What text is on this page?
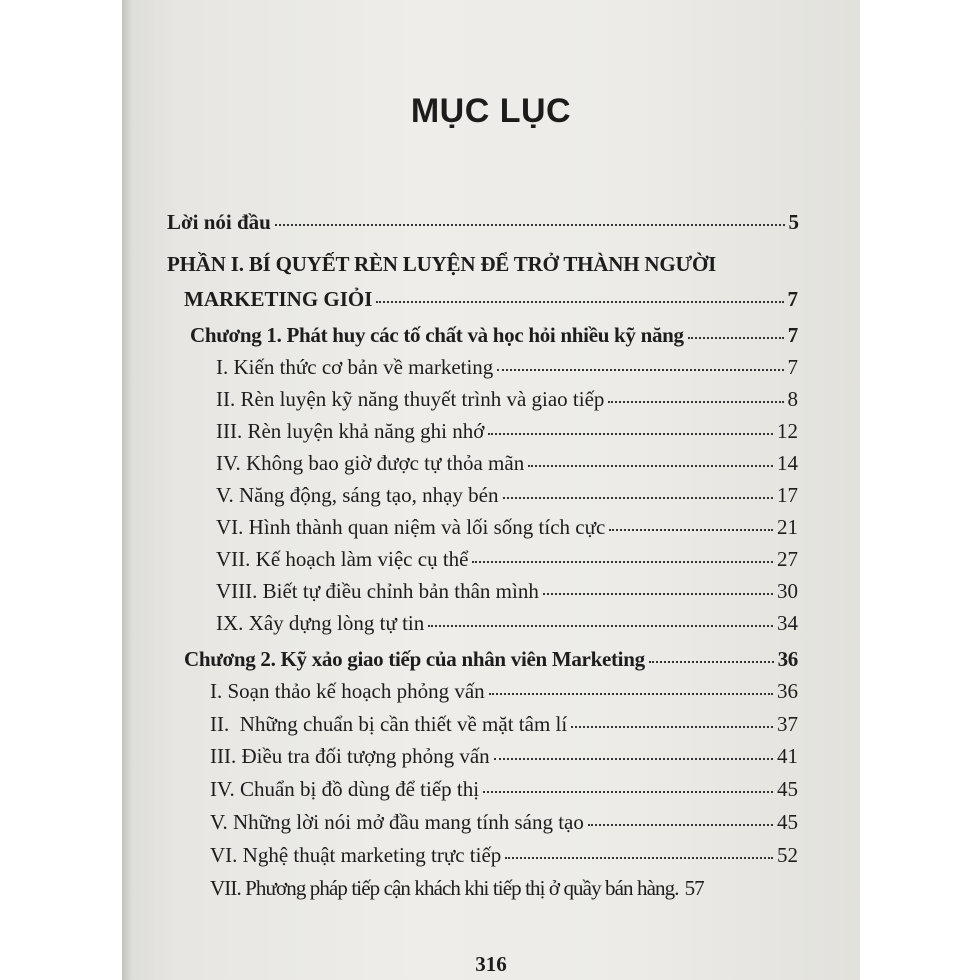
MỤC LỤC
Lời nói đầu	5
PHẦN I. BÍ QUYẾT RÈN LUYỆN ĐỂ TRỞ THÀNH NGƯỜI
MARKETING GIỎI	7
Chương 1. Phát huy các tố chất và học hỏi nhiều kỹ năng	7
I. Kiến thức cơ bản về marketing	7
II. Rèn luyện kỹ năng thuyết trình và giao tiếp	8
III. Rèn luyện khả năng ghi nhớ	12
IV. Không bao giờ được tự thỏa mãn	14
V. Năng động, sáng tạo, nhạy bén	17
VI. Hình thành quan niệm và lối sống tích cực	21
VII. Kế hoạch làm việc cụ thể	27
VIII. Biết tự điều chỉnh bản thân mình	30
IX. Xây dựng lòng tự tin	34
Chương 2. Kỹ xảo giao tiếp của nhân viên Marketing	36
I. Soạn thảo kế hoạch phỏng vấn	36
II.  Những chuẩn bị cần thiết về mặt tâm lí	37
III. Điều tra đối tượng phỏng vấn	41
IV. Chuẩn bị đồ dùng để tiếp thị	45
V. Những lời nói mở đầu mang tính sáng tạo	45
VI. Nghệ thuật marketing trực tiếp	52
VII. Phương pháp tiếp cận khách khi tiếp thị ở quầy bán hàng. 57
316
